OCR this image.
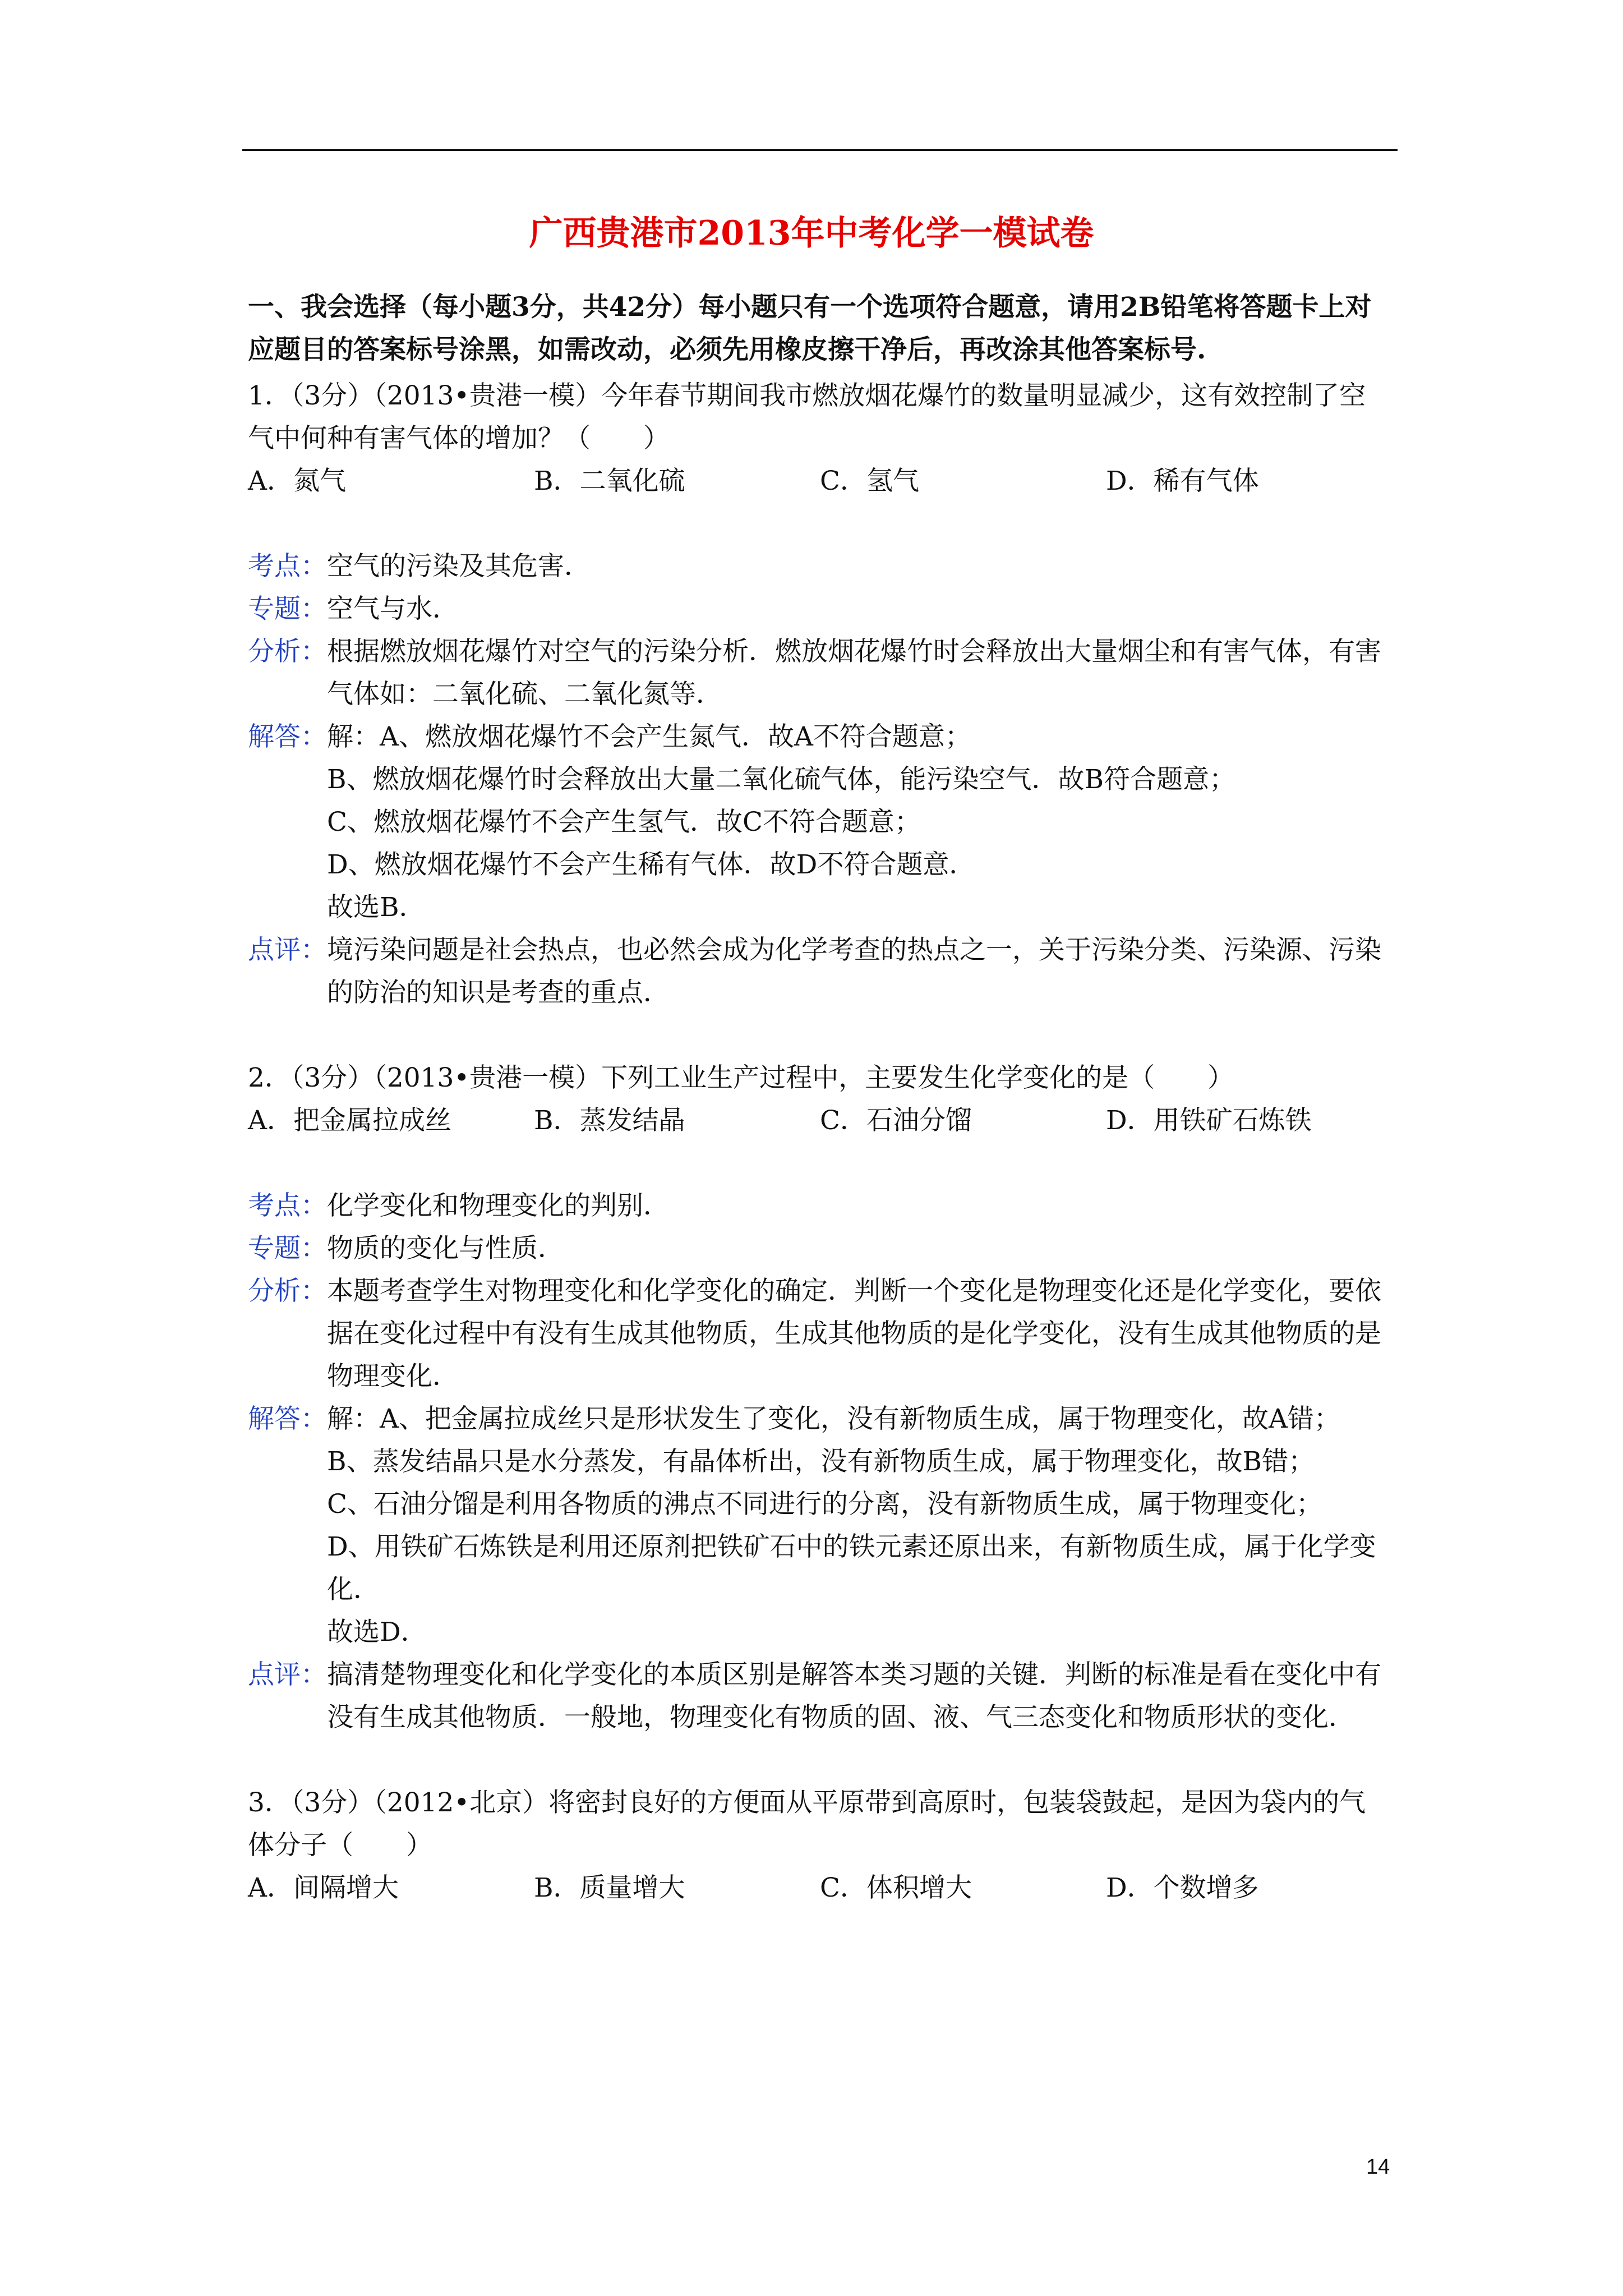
广西贵港市2013年中考化学一模试卷
一、我会选择（每小题3分，共42分）每小题只有一个选项符合题意，请用2B铅笔将答题卡上对应题目的答案标号涂黑，如需改动，必须先用橡皮擦干净后，再改涂其他答案标号.
1．（3分）（2013•贵港一模）今年春节期间我市燃放烟花爆竹的数量明显减少，这有效控制了空气中何种有害气体的增加？（　　）
A．氮气	B．二氧化硫	C．氢气	D．稀有气体
考点： 空气的污染及其危害．
专题： 空气与水．
分析： 根据燃放烟花爆竹对空气的污染分析．燃放烟花爆竹时会释放出大量烟尘和有害气体，有害气体如：二氧化硫、二氧化氮等．
解答： 解：A、燃放烟花爆竹不会产生氮气．故A不符合题意；
B、燃放烟花爆竹时会释放出大量二氧化硫气体，能污染空气．故B符合题意；
C、燃放烟花爆竹不会产生氢气．故C不符合题意；
D、燃放烟花爆竹不会产生稀有气体．故D不符合题意．
故选B．
点评： 境污染问题是社会热点，也必然会成为化学考查的热点之一，关于污染分类、污染源、污染的防治的知识是考查的重点．
2．（3分）（2013•贵港一模）下列工业生产过程中，主要发生化学变化的是（　　）
A．把金属拉成丝	B．蒸发结晶	C．石油分馏	D．用铁矿石炼铁
考点： 化学变化和物理变化的判别．
专题： 物质的变化与性质．
分析： 本题考查学生对物理变化和化学变化的确定．判断一个变化是物理变化还是化学变化，要依据在变化过程中有没有生成其他物质，生成其他物质的是化学变化，没有生成其他物质的是物理变化．
解答： 解：A、把金属拉成丝只是形状发生了变化，没有新物质生成，属于物理变化，故A错；
B、蒸发结晶只是水分蒸发，有晶体析出，没有新物质生成，属于物理变化，故B错；
C、石油分馏是利用各物质的沸点不同进行的分离，没有新物质生成，属于物理变化；
D、用铁矿石炼铁是利用还原剂把铁矿石中的铁元素还原出来，有新物质生成，属于化学变化．
故选D．
点评： 搞清楚物理变化和化学变化的本质区别是解答本类习题的关键．判断的标准是看在变化中有没有生成其他物质．一般地，物理变化有物质的固、液、气三态变化和物质形状的变化．
3．（3分）（2012•北京）将密封良好的方便面从平原带到高原时，包装袋鼓起，是因为袋内的气体分子（　　）
A．间隔增大	B．质量增大	C．体积增大	D．个数增多
14
